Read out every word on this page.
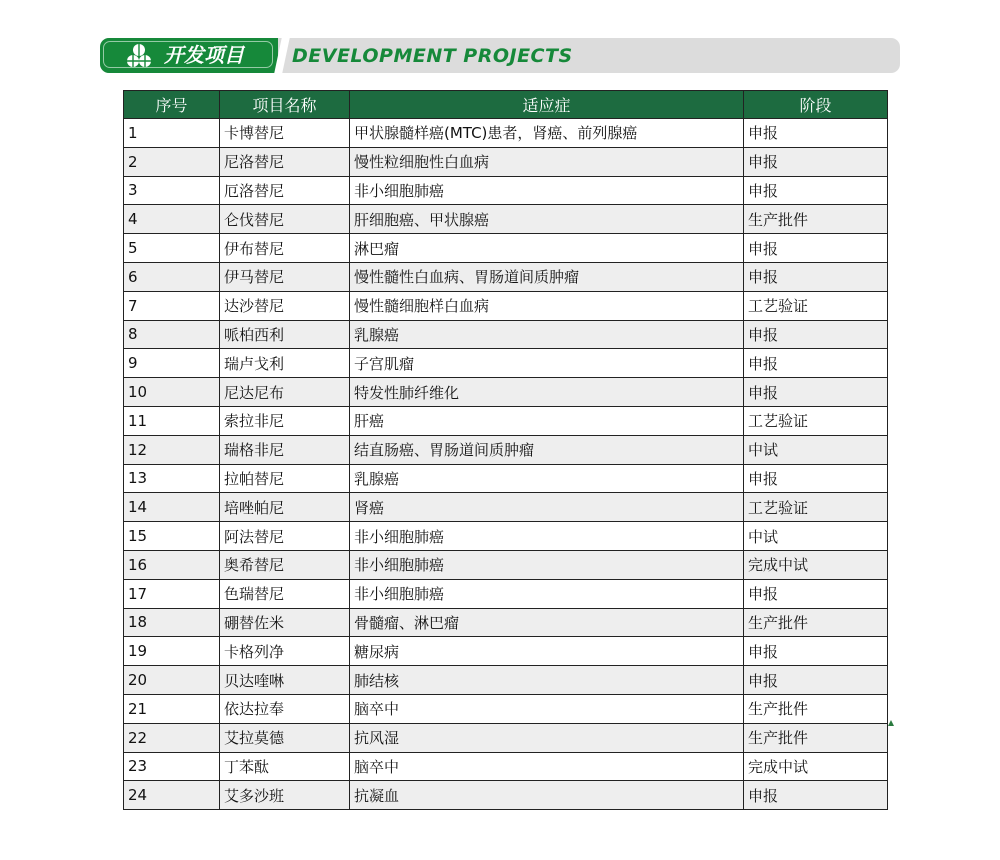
开发项目	DEVELOPMENT PROJECTS
序号	项目名称	适应症	阶段
1	卡博替尼	甲状腺髓样癌(MTC)患者，肾癌、前列腺癌	申报
2	尼洛替尼	慢性粒细胞性白血病	申报
3	厄洛替尼	非小细胞肺癌	申报
4	仑伐替尼	肝细胞癌、甲状腺癌	生产批件
5	伊布替尼	淋巴瘤	申报
6	伊马替尼	慢性髓性白血病、胃肠道间质肿瘤	申报
7	达沙替尼	慢性髓细胞样白血病	工艺验证
8	哌柏西利	乳腺癌	申报
9	瑞卢戈利	子宫肌瘤	申报
10	尼达尼布	特发性肺纤维化	申报
11	索拉非尼	肝癌	工艺验证
12	瑞格非尼	结直肠癌、胃肠道间质肿瘤	中试
13	拉帕替尼	乳腺癌	申报
14	培唑帕尼	肾癌	工艺验证
15	阿法替尼	非小细胞肺癌	中试
16	奥希替尼	非小细胞肺癌	完成中试
17	色瑞替尼	非小细胞肺癌	申报
18	硼替佐米	骨髓瘤、淋巴瘤	生产批件
19	卡格列净	糖尿病	申报
20	贝达喹啉	肺结核	申报
21	依达拉奉	脑卒中	生产批件
22	艾拉莫德	抗风湿	生产批件
23	丁苯酞	脑卒中	完成中试
24	艾多沙班	抗凝血	申报
